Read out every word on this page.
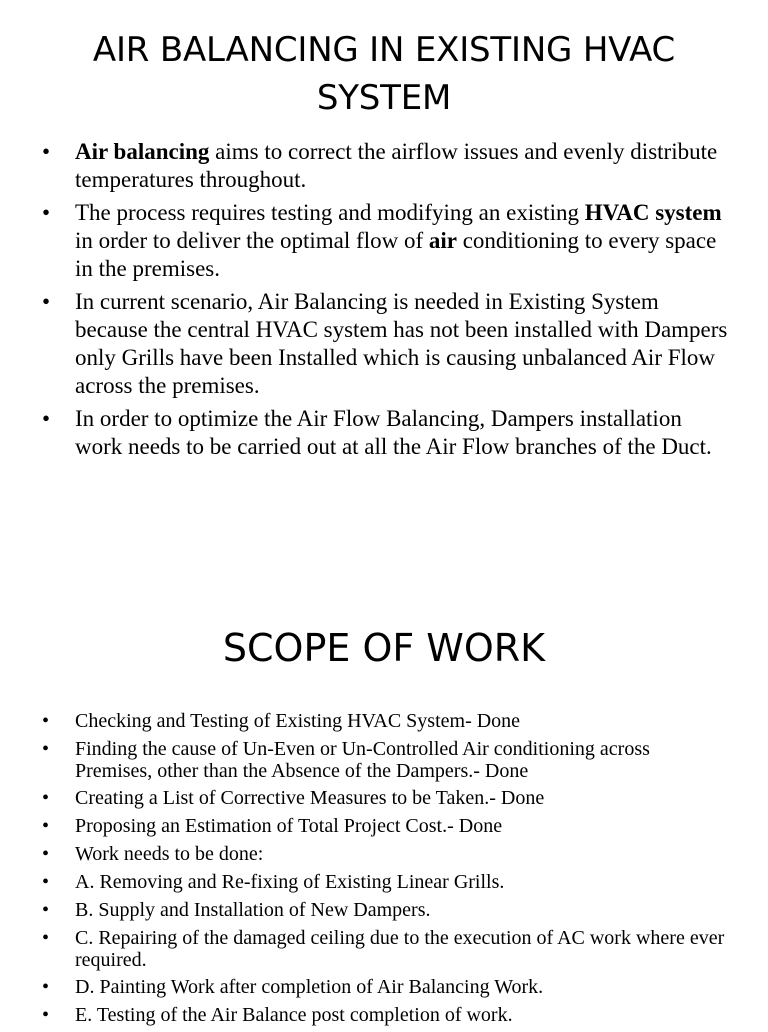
AIR BALANCING IN EXISTING HVAC
SYSTEM
• Air balancing aims to correct the airflow issues and evenly distribute temperatures throughout.
• The process requires testing and modifying an existing HVAC system in order to deliver the optimal flow of air conditioning to every space in the premises.
• In current scenario, Air Balancing is needed in Existing System because the central HVAC system has not been installed with Dampers only Grills have been Installed which is causing unbalanced Air Flow across the premises.
• In order to optimize the Air Flow Balancing, Dampers installation work needs to be carried out at all the Air Flow branches of the Duct.
SCOPE OF WORK
• Checking and Testing of Existing HVAC System- Done
• Finding the cause of Un-Even or Un-Controlled Air conditioning across Premises, other than the Absence of the Dampers.- Done
• Creating a List of Corrective Measures to be Taken.- Done
• Proposing an Estimation of Total Project Cost.- Done
• Work needs to be done:
• A. Removing and Re-fixing of Existing Linear Grills.
• B. Supply and Installation of New Dampers.
• C. Repairing of the damaged ceiling due to the execution of AC work where ever required.
• D. Painting Work after completion of Air Balancing Work.
• E. Testing of the Air Balance post completion of work.
